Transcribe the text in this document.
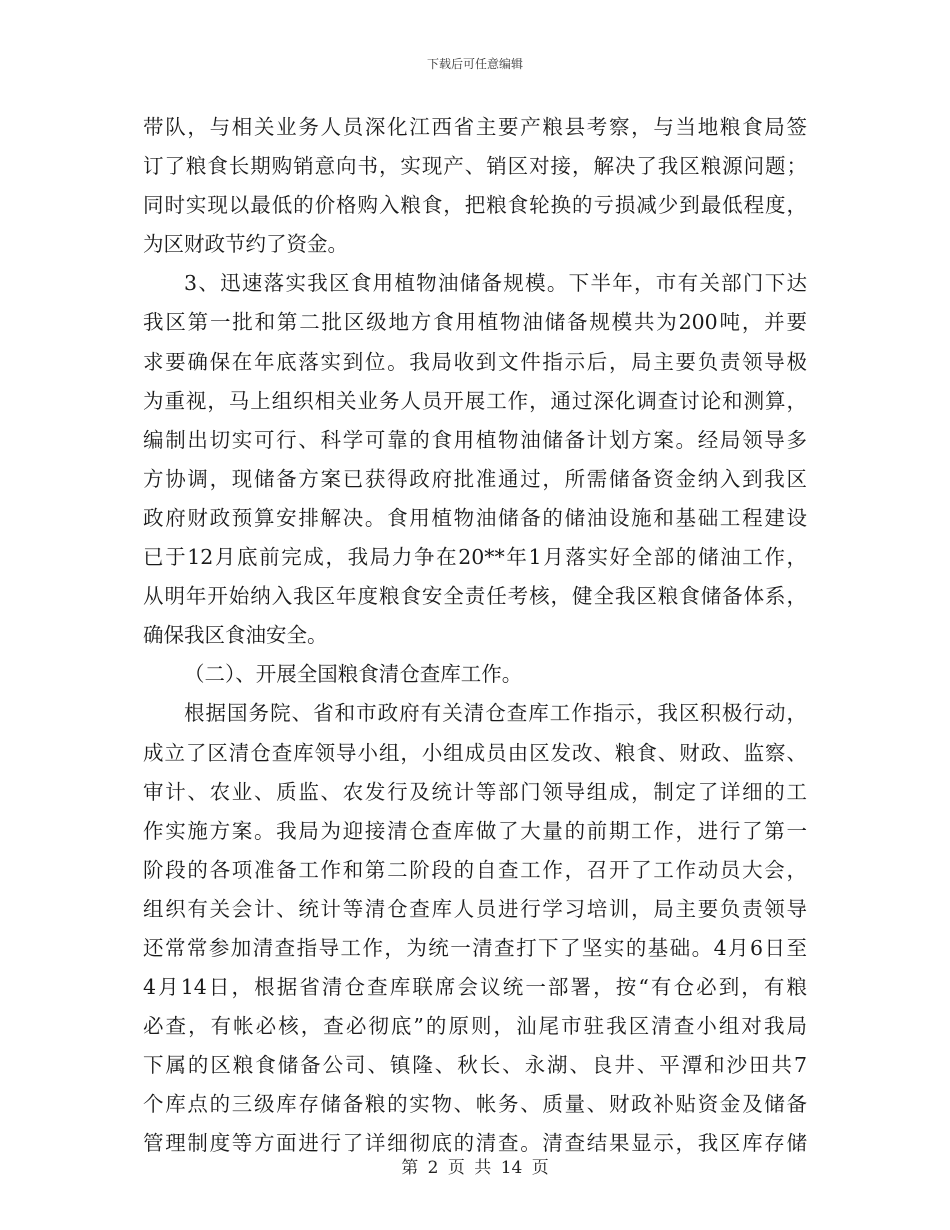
下载后可任意编辑
带队，与相关业务人员深化江西省主要产粮县考察，与当地粮食局签
订了粮食长期购销意向书，实现产、销区对接，解决了我区粮源问题；
同时实现以最低的价格购入粮食，把粮食轮换的亏损减少到最低程度，
为区财政节约了资金。
3、迅速落实我区食用植物油储备规模。下半年，市有关部门下达
我区第一批和第二批区级地方食用植物油储备规模共为200吨，并要
求要确保在年底落实到位。我局收到文件指示后，局主要负责领导极
为重视，马上组织相关业务人员开展工作，通过深化调查讨论和测算，
编制出切实可行、科学可靠的食用植物油储备计划方案。经局领导多
方协调，现储备方案已获得政府批准通过，所需储备资金纳入到我区
政府财政预算安排解决。食用植物油储备的储油设施和基础工程建设
已于12月底前完成，我局力争在20**年1月落实好全部的储油工作，
从明年开始纳入我区年度粮食安全责任考核，健全我区粮食储备体系，
确保我区食油安全。
（二）、开展全国粮食清仓查库工作。
根据国务院、省和市政府有关清仓查库工作指示，我区积极行动，
成立了区清仓查库领导小组，小组成员由区发改、粮食、财政、监察、
审计、农业、质监、农发行及统计等部门领导组成，制定了详细的工
作实施方案。我局为迎接清仓查库做了大量的前期工作，进行了第一
阶段的各项准备工作和第二阶段的自查工作，召开了工作动员大会，
组织有关会计、统计等清仓查库人员进行学习培训，局主要负责领导
还常常参加清查指导工作，为统一清查打下了坚实的基础。4月6日至
4月14日，根据省清仓查库联席会议统一部署，按“有仓必到，有粮
必查，有帐必核，查必彻底”的原则，汕尾市驻我区清查小组对我局
下属的区粮食储备公司、镇隆、秋长、永湖、良井、平潭和沙田共7
个库点的三级库存储备粮的实物、帐务、质量、财政补贴资金及储备
管理制度等方面进行了详细彻底的清查。清查结果显示，我区库存储
第 2 页 共 14 页
